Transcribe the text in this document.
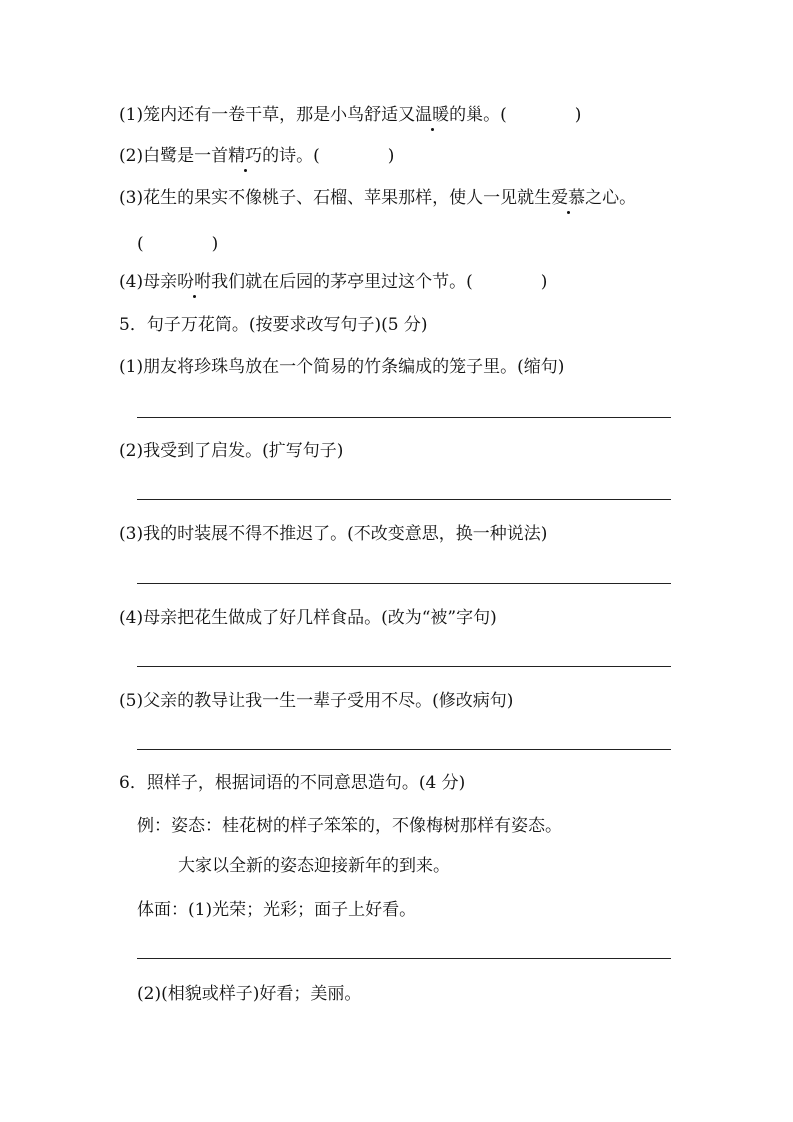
(1)笼内还有一卷干草，那是小鸟舒适又温暖的巢。(	)
(2)白鹭是一首精巧的诗。(	)
(3)花生的果实不像桃子、石榴、苹果那样，使人一见就生爱慕之心。
(	)
(4)母亲吩咐我们就在后园的茅亭里过这个节。(	)
5．句子万花筒。(按要求改写句子)(5 分)
(1)朋友将珍珠鸟放在一个简易的竹条编成的笼子里。(缩句)
(2)我受到了启发。(扩写句子)
(3)我的时装展不得不推迟了。(不改变意思，换一种说法)
(4)母亲把花生做成了好几样食品。(改为“被”字句)
(5)父亲的教导让我一生一辈子受用不尽。(修改病句)
6．照样子，根据词语的不同意思造句。(4 分)
例：姿态：桂花树的样子笨笨的，不像梅树那样有姿态。
大家以全新的姿态迎接新年的到来。
体面：(1)光荣；光彩；面子上好看。
(2)(相貌或样子)好看；美丽。
